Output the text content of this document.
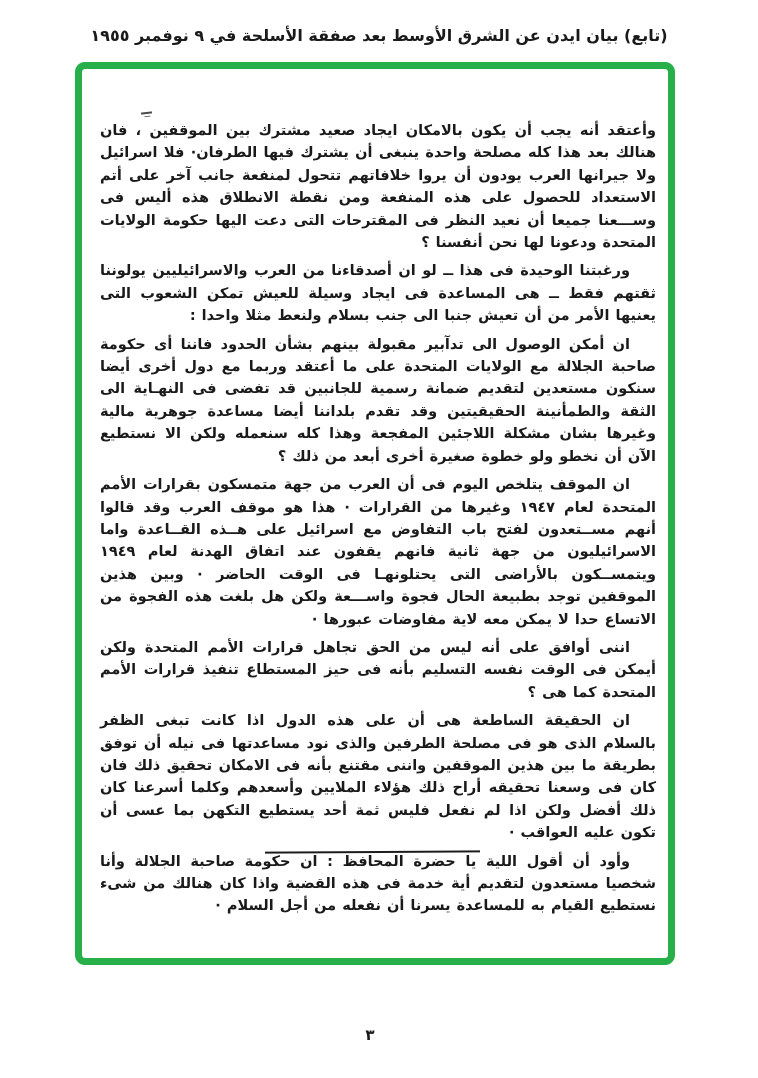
(تابع) بيان ايدن عن الشرق الأوسط بعد صفقة الأسلحة في ٩ نوفمبر ١٩٥٥

وأعتقد أنه يجب أن يكون بالامكان ايجاد صعيد مشترك بين الموقفين ، فان هنالك بعد هذا كله مصلحة واحدة ينبغى أن يشترك فيها الطرفان· فلا اسرائيل ولا جيرانها العرب يودون أن يروا خلافاتهم تتحول لمنفعة جانب آخر على أتم الاستعداد للحصول على هذه المنفعة ومن نقطة الانطلاق هذه أليس فى وســـعنا جميعا أن نعيد النظر فى المقترحات التى دعت اليها حكومة الولايات المتحدة ودعونا لها نحن أنفسنا ؟

ورغبتنا الوحيدة فى هذا ــ لو ان أصدقاءنا من العرب والاسرائيليين يولوننا ثقتهم فقط ــ هى المساعدة فى ايجاد وسيلة للعيش تمكن الشعوب التى يعنيها الأمر من أن تعيش جنبا الى جنب بسلام ولنعط مثلا واحدا :

ان أمكن الوصول الى تدآبير مقبولة بينهم بشأن الحدود فاننا أى حكومة صاحبة الجلالة مع الولايات المتحدة على ما أعتقد وربما مع دول أخرى أيضا سنكون مستعدين لتقديم ضمانة رسمية للجانبين قد تفضى فى النهـاية الى الثقة والطمأنينة الحقيقيتين وقد تقدم بلداننا أيضا مساعدة جوهرية مالية وغيرها بشان مشكلة اللاجئين المفجعة وهذا كله سنعمله ولكن الا نستطيع الآن أن نخطو ولو خطوة صغيرة أخرى أبعد من ذلك ؟

ان الموقف يتلخص اليوم فى أن العرب من جهة متمسكون بقرارات الأمم المتحدة لعام ١٩٤٧ وغيرها من القرارات · هذا هو موقف العرب وقد قالوا أنهم مســتعدون لفتح باب التفاوض مع اسرائيل على هــذه القــاعدة واما الاسرائيليون من جهة ثانية فانهم يقفون عند اتفاق الهدنة لعام ١٩٤٩ ويتمســكون بالأراضى التى يحتلونهـا فى الوقت الحاضر · وبين هذين الموقفين توجد بطبيعة الحال فجوة واســـعة ولكن هل بلغت هذه الفجوة من الاتساع حدا لا يمكن معه لاية مفاوضات عبورها ·

اننى أوافق على أنه ليس من الحق تجاهل قرارات الأمم المتحدة ولكن أيمكن فى الوقت نفسه التسليم بأنه فى حيز المستطاع تنفيذ قرارات الأمم المتحدة كما هى ؟

ان الحقيقة الساطعة هى أن على هذه الدول اذا كانت تبغى الظفر بالسلام الذى هو فى مصلحة الطرفين والذى نود مساعدتها فى نيله أن توفق بطريقة ما بين هذين الموقفين واننى مقتنع بأنه فى الامكان تحقيق ذلك فان كان فى وسعنا تحقيقه أراح ذلك هؤلاء الملايين وأسعدهم وكلما أسرعنا كان ذلك أفضل ولكن اذا لم نفعل فليس ثمة أحد يستطيع التكهن بما عسى أن تكون عليه العواقب ·

وأود أن أقول اللية يا حضرة المحافظ : ان حكومة صاحبة الجلالة وأنا شخصيا مستعدون لتقديم أية خدمة فى هذه القضية واذا كان هنالك من شىء نستطيع القيام به للمساعدة يسرنا أن نفعله من أجل السلام ·

٣
